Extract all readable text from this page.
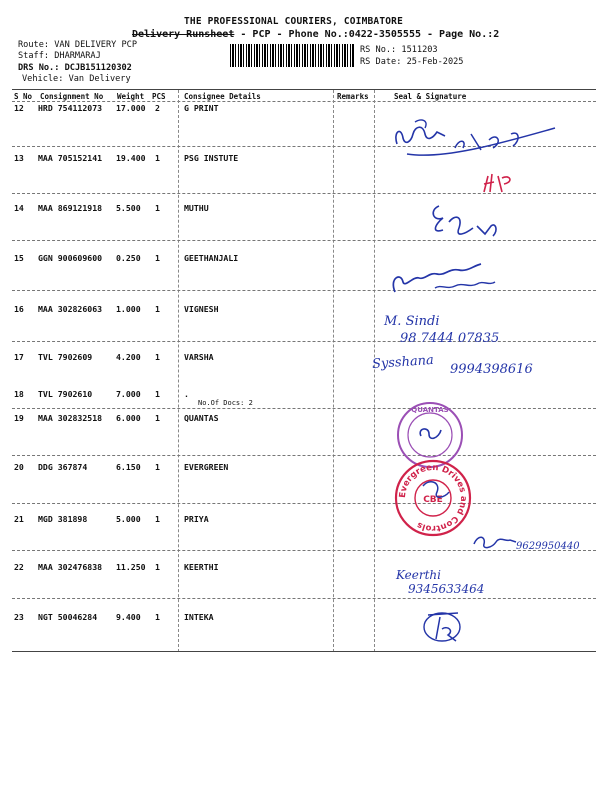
THE PROFESSIONAL COURIERS, COIMBATORE
Delivery Runsheet - PCP - Phone No.:0422-3505555 - Page No.:2
Route: VAN DELIVERY PCP
Staff: DHARMARAJ
DRS No.: DCJB151120302
Vehicle: Van Delivery
RS No.: 1511203
RS Date: 25-Feb-2025
S No Consignment No Weight PCS Consignee Details	Remarks	Seal & Signature
12 HRD 754112073 17.000 2	G PRINT
13 MAA 705152141 19.400 1	PSG INSTUTE
14 MAA 869121918 5.500 1	MUTHU
15 GGN 900609600 0.250 1	GEETHANJALI
16 MAA 302826063 1.000 1	VIGNESH
17 TVL 7902609	4.200 1	VARSHA
18 TVL 7902610	7.000 1	.
No.Of Docs: 2
19 MAA 302832518 6.000 1	QUANTAS
20 DDG 367874	6.150 1	EVERGREEN
21 MGD 381898	5.000 1	PRIYA
22 MAA 302476838 11.250 1	KEERTHI
23 NGT 50046284 9.400 1	INTEKA
M. Sindi
98 7444 07835
Sysshana 9994398616
QUANTAS
Evergreen Drives and Controls
CBE
9629950440
Keerthi
9345633464
